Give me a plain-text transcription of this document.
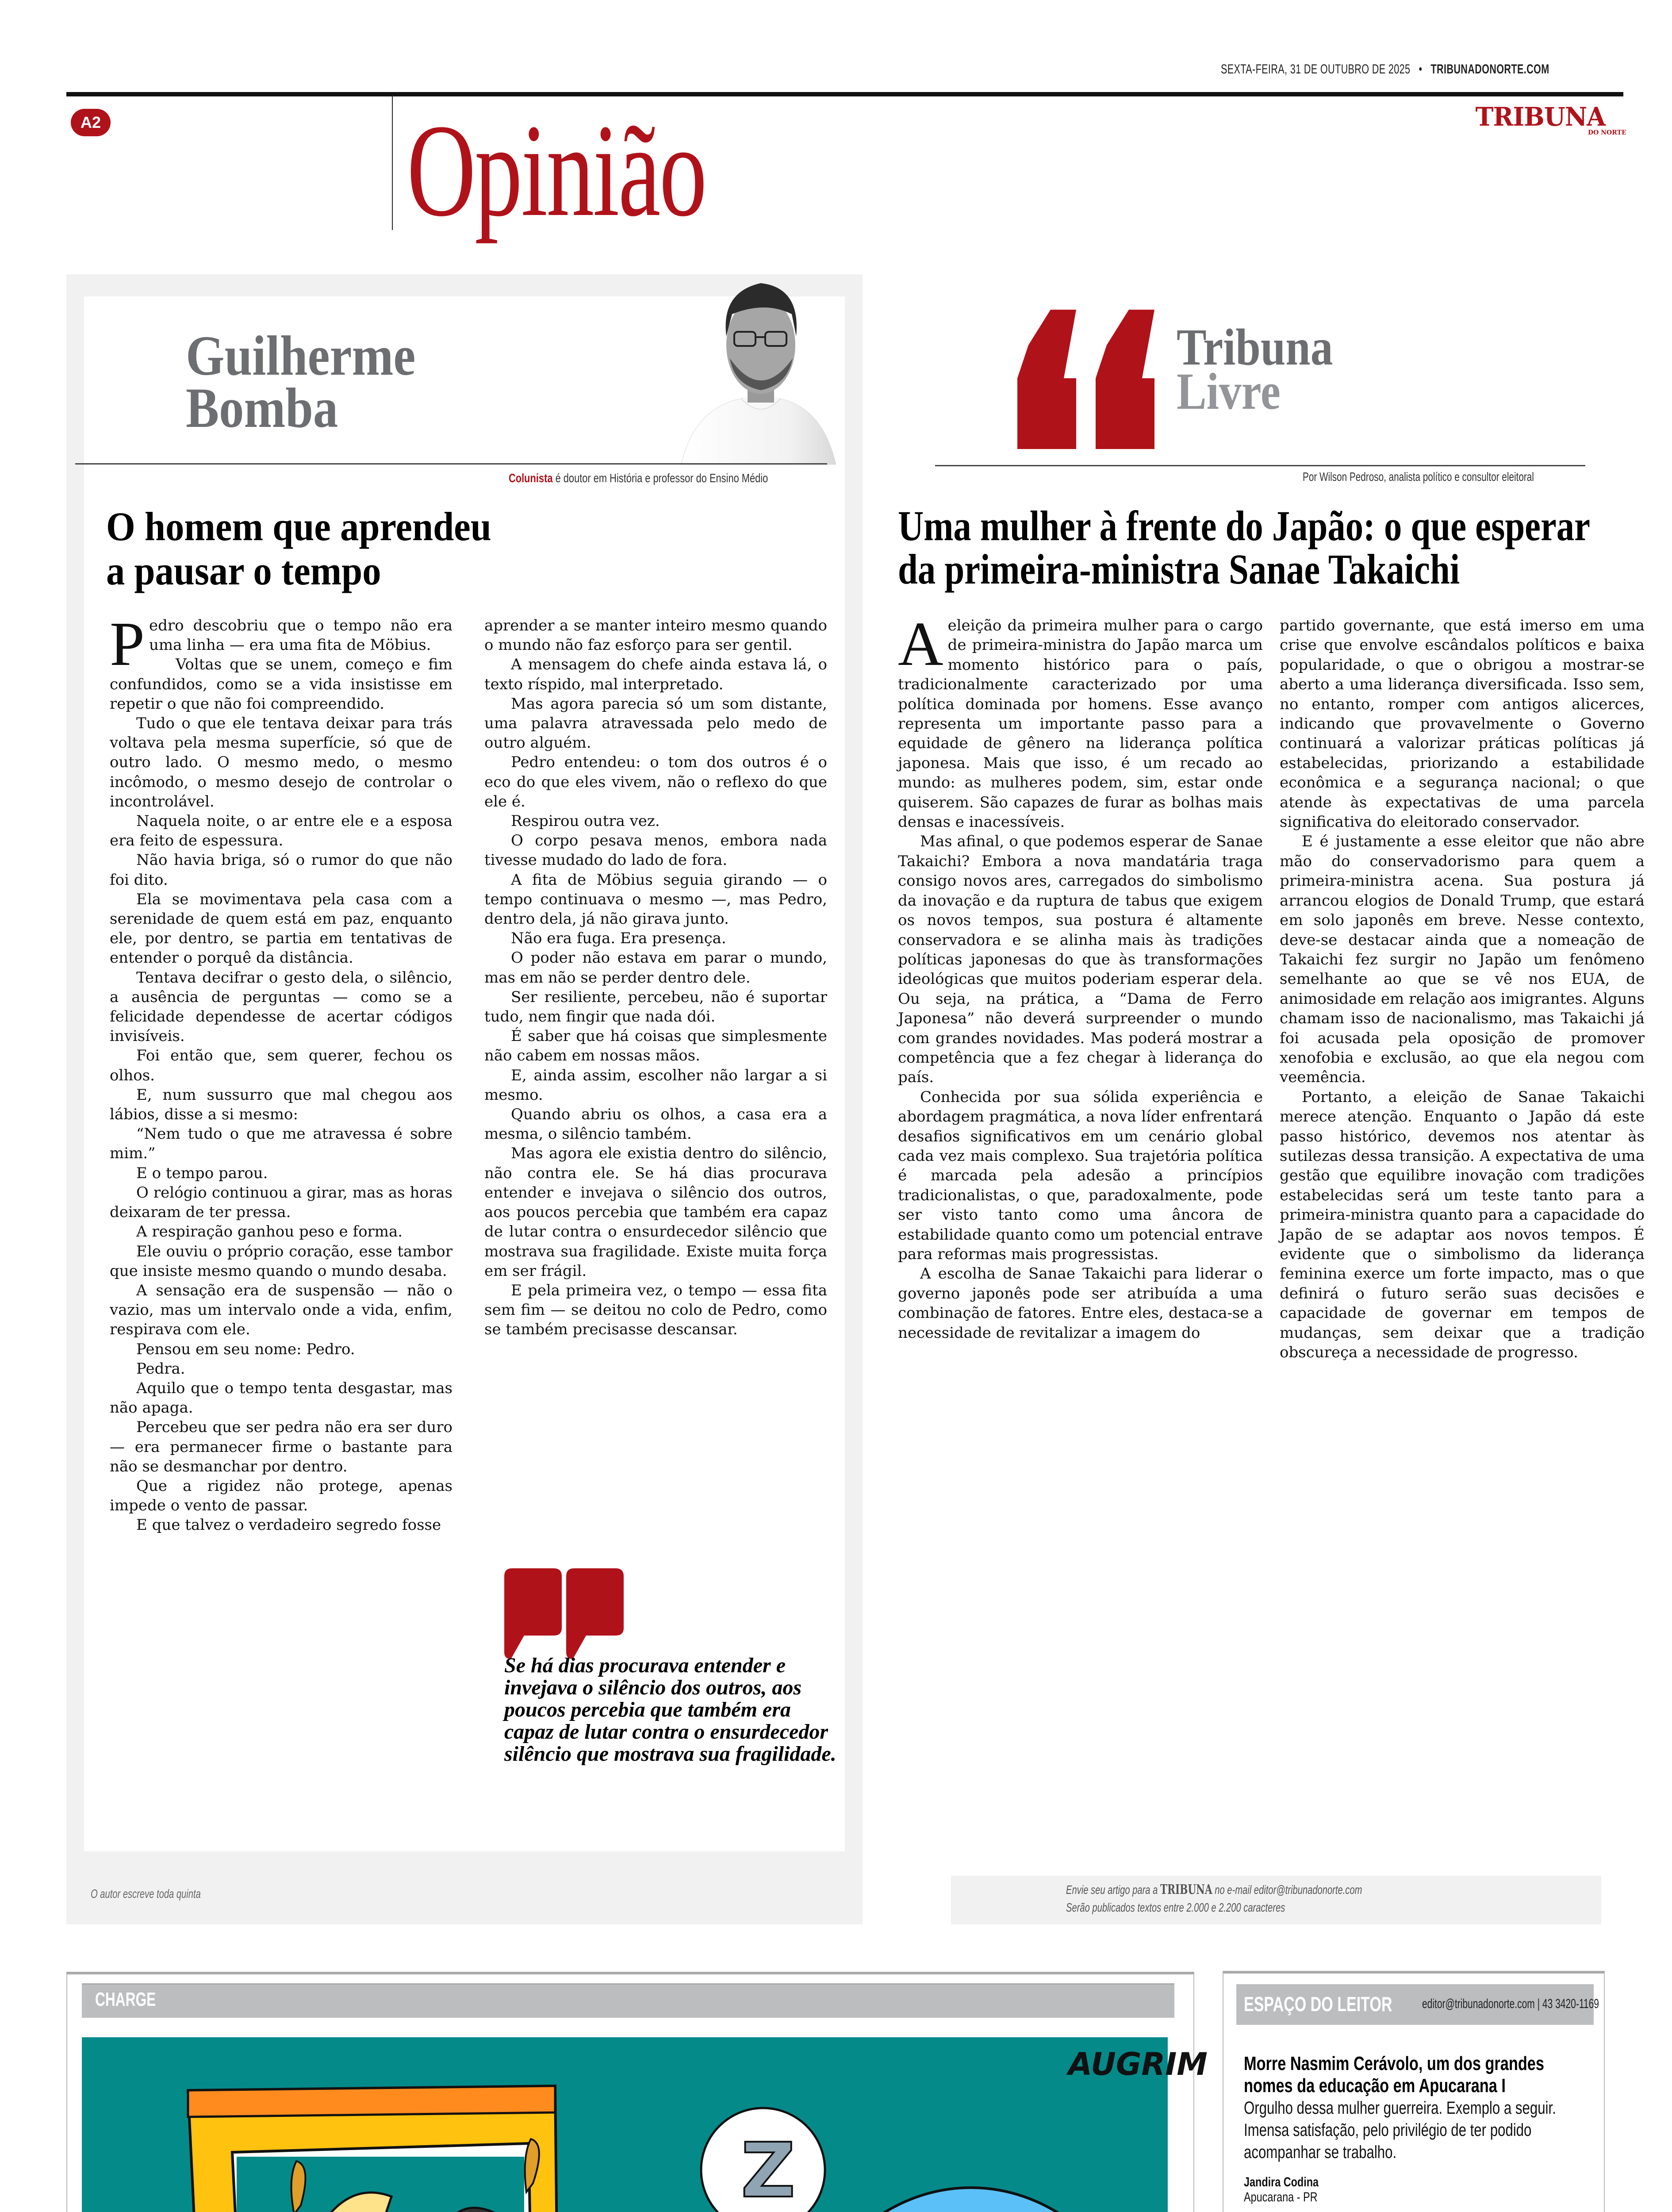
SEXTA-FEIRA, 31 DE OUTUBRO DE 2025 • TRIBUNADONORTE.COM
A2 Opinião	TRIBUNA
DO NORTE
Guilherme
Bomba
Colunista é doutor em História e professor do Ensino Médio
O homem que aprendeu
a pausar o tempo

Pedro descobriu que o tempo não era uma linha — era uma fita de Möbius.

Voltas que se unem, começo e fim confundidos, como se a vida insistisse em repetir o que não foi compreendido.

Tudo o que ele tentava deixar para trás voltava pela mesma superfície, só que de outro lado. O mesmo medo, o mesmo incômodo, o mesmo desejo de controlar o incontrolável.

Naquela noite, o ar entre ele e a esposa era feito de espessura.

Não havia briga, só o rumor do que não foi dito.

Ela se movimentava pela casa com a serenidade de quem está em paz, enquanto ele, por dentro, se partia em tentativas de entender o porquê da distância.

Tentava decifrar o gesto dela, o silêncio, a ausência de perguntas — como se a felicidade dependesse de acertar códigos invisíveis.

Foi então que, sem querer, fechou os olhos.

E, num sussurro que mal chegou aos lábios, disse a si mesmo:

“Nem tudo o que me atravessa é sobre mim.”

E o tempo parou.

O relógio continuou a girar, mas as horas deixaram de ter pressa.

A respiração ganhou peso e forma.

Ele ouviu o próprio coração, esse tambor que insiste mesmo quando o mundo desaba.

A sensação era de suspensão — não o vazio, mas um intervalo onde a vida, enfim, respirava com ele.

Pensou em seu nome: Pedro.

Pedra.

Aquilo que o tempo tenta desgastar, mas não apaga.

Percebeu que ser pedra não era ser duro — era permanecer firme o bastante para não se desmanchar por dentro.

Que a rigidez não protege, apenas impede o vento de passar.

E que talvez o verdadeiro segredo fosse

aprender a se manter inteiro mesmo quando o mundo não faz esforço para ser gentil.

A mensagem do chefe ainda estava lá, o texto ríspido, mal interpretado.

Mas agora parecia só um som distante, uma palavra atravessada pelo medo de outro alguém.

Pedro entendeu: o tom dos outros é o eco do que eles vivem, não o reflexo do que ele é.

Respirou outra vez.

O corpo pesava menos, embora nada tivesse mudado do lado de fora.

A fita de Möbius seguia girando — o tempo continuava o mesmo —, mas Pedro, dentro dela, já não girava junto.

Não era fuga. Era presença.

O poder não estava em parar o mundo, mas em não se perder dentro dele.

Ser resiliente, percebeu, não é suportar tudo, nem fingir que nada dói.

É saber que há coisas que simplesmente não cabem em nossas mãos.

E, ainda assim, escolher não largar a si mesmo.

Quando abriu os olhos, a casa era a mesma, o silêncio também.

Mas agora ele existia dentro do silêncio, não contra ele. Se há dias procurava entender e invejava o silêncio dos outros, aos poucos percebia que também era capaz de lutar contra o ensurdecedor silêncio que mostrava sua fragilidade. Existe muita força em ser frágil.

E pela primeira vez, o tempo — essa fita sem fim — se deitou no colo de Pedro, como se também precisasse descansar.

Se há dias procurava entender e invejava o silêncio dos outros, aos poucos percebia que também era capaz de lutar contra o ensurdecedor silêncio que mostrava sua fragilidade.
O autor escreve toda quinta
Tribuna
Livre
Por Wilson Pedroso, analista político e consultor eleitoral
Uma mulher à frente do Japão: o que esperar
da primeira-ministra Sanae Takaichi

A eleição da primeira mulher para o cargo de primeira-ministra do Japão marca um momento histórico para o país, tradicionalmente caracterizado por uma política dominada por homens. Esse avanço representa um importante passo para a equidade de gênero na liderança política japonesa. Mais que isso, é um recado ao mundo: as mulheres podem, sim, estar onde quiserem. São capazes de furar as bolhas mais densas e inacessíveis.

Mas afinal, o que podemos esperar de Sanae Takaichi? Embora a nova mandatária traga consigo novos ares, carregados do simbolismo da inovação e da ruptura de tabus que exigem os novos tempos, sua postura é altamente conservadora e se alinha mais às tradições políticas japonesas do que às transformações ideológicas que muitos poderiam esperar dela. Ou seja, na prática, a “Dama de Ferro Japonesa” não deverá surpreender o mundo com grandes novidades. Mas poderá mostrar a competência que a fez chegar à liderança do país.

Conhecida por sua sólida experiência e abordagem pragmática, a nova líder enfrentará desafios significativos em um cenário global cada vez mais complexo. Sua trajetória política é marcada pela adesão a princípios tradicionalistas, o que, paradoxalmente, pode ser visto tanto como uma âncora de estabilidade quanto como um potencial entrave para reformas mais progressistas.

A escolha de Sanae Takaichi para liderar o governo japonês pode ser atribuída a uma combinação de fatores. Entre eles, destaca-se a necessidade de revitalizar a imagem do

partido governante, que está imerso em uma crise que envolve escândalos políticos e baixa popularidade, o que o obrigou a mostrar-se aberto a uma liderança diversificada. Isso sem, no entanto, romper com antigos alicerces, indicando que provavelmente o Governo continuará a valorizar práticas políticas já estabelecidas, priorizando a estabilidade econômica e a segurança nacional; o que atende às expectativas de uma parcela significativa do eleitorado conservador.

E é justamente a esse eleitor que não abre mão do conservadorismo para quem a primeira-ministra acena. Sua postura já arrancou elogios de Donald Trump, que estará em solo japonês em breve. Nesse contexto, deve-se destacar ainda que a nomeação de Takaichi fez surgir no Japão um fenômeno semelhante ao que se vê nos EUA, de animosidade em relação aos imigrantes. Alguns chamam isso de nacionalismo, mas Takaichi já foi acusada pela oposição de promover xenofobia e exclusão, ao que ela negou com veemência.

Portanto, a eleição de Sanae Takaichi merece atenção. Enquanto o Japão dá este passo histórico, devemos nos atentar às sutilezas dessa transição. A expectativa de uma gestão que equilibre inovação com tradições estabelecidas será um teste tanto para a primeira-ministra quanto para a capacidade do Japão de se adaptar aos novos tempos. É evidente que o simbolismo da liderança feminina exerce um forte impacto, mas o que definirá o futuro serão suas decisões e capacidade de governar em tempos de mudanças, sem deixar que a tradição obscureça a necessidade de progresso.

Envie seu artigo para a TRIBUNA no e-mail editor@tribunadonorte.com
Serão publicados textos entre 2.000 e 2.200 caracteres
CHARGE
AUGRIM
Z
ESPAÇO DO LEITOR editor@tribunadonorte.com | 43 3420-1169
Morre Nasmim Cerávolo, um dos grandes nomes da educação em Apucarana I
Orgulho dessa mulher guerreira. Exemplo a seguir. Imensa satisfação, pelo privilégio de ter podido acompanhar se trabalho.
Jandira Codina
Apucarana - PR
